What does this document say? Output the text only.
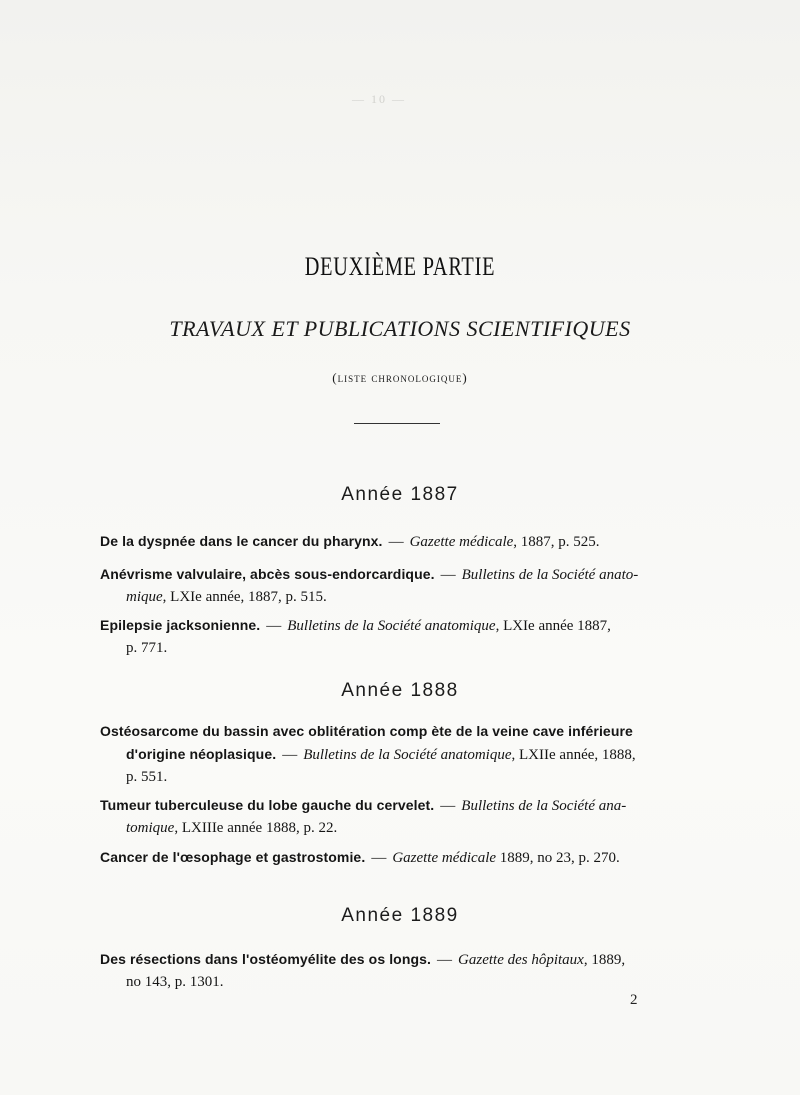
— 10 —
DEUXIÈME PARTIE
TRAVAUX ET PUBLICATIONS SCIENTIFIQUES
(liste chronologique)
Année 1887
De la dyspnée dans le cancer du pharynx. — Gazette médicale, 1887, p. 525.
Anévrisme valvulaire, abcès sous-endorcardique. — Bulletins de la Société anato-
mique, LXIe année, 1887, p. 515.
Epilepsie jacksonienne. — Bulletins de la Société anatomique, LXIe année 1887,
p. 771.
Année 1888
Ostéosarcome du bassin avec oblitération comp ète de la veine cave inférieure
d'origine néoplasique. — Bulletins de la Société anatomique, LXIIe année, 1888,
p. 551.
Tumeur tuberculeuse du lobe gauche du cervelet. — Bulletins de la Société ana-
tomique, LXIIIe année 1888, p. 22.
Cancer de l'œsophage et gastrostomie. — Gazette médicale 1889, no 23, p. 270.
Année 1889
Des résections dans l'ostéomyélite des os longs. — Gazette des hôpitaux, 1889,
no 143, p. 1301.
2
